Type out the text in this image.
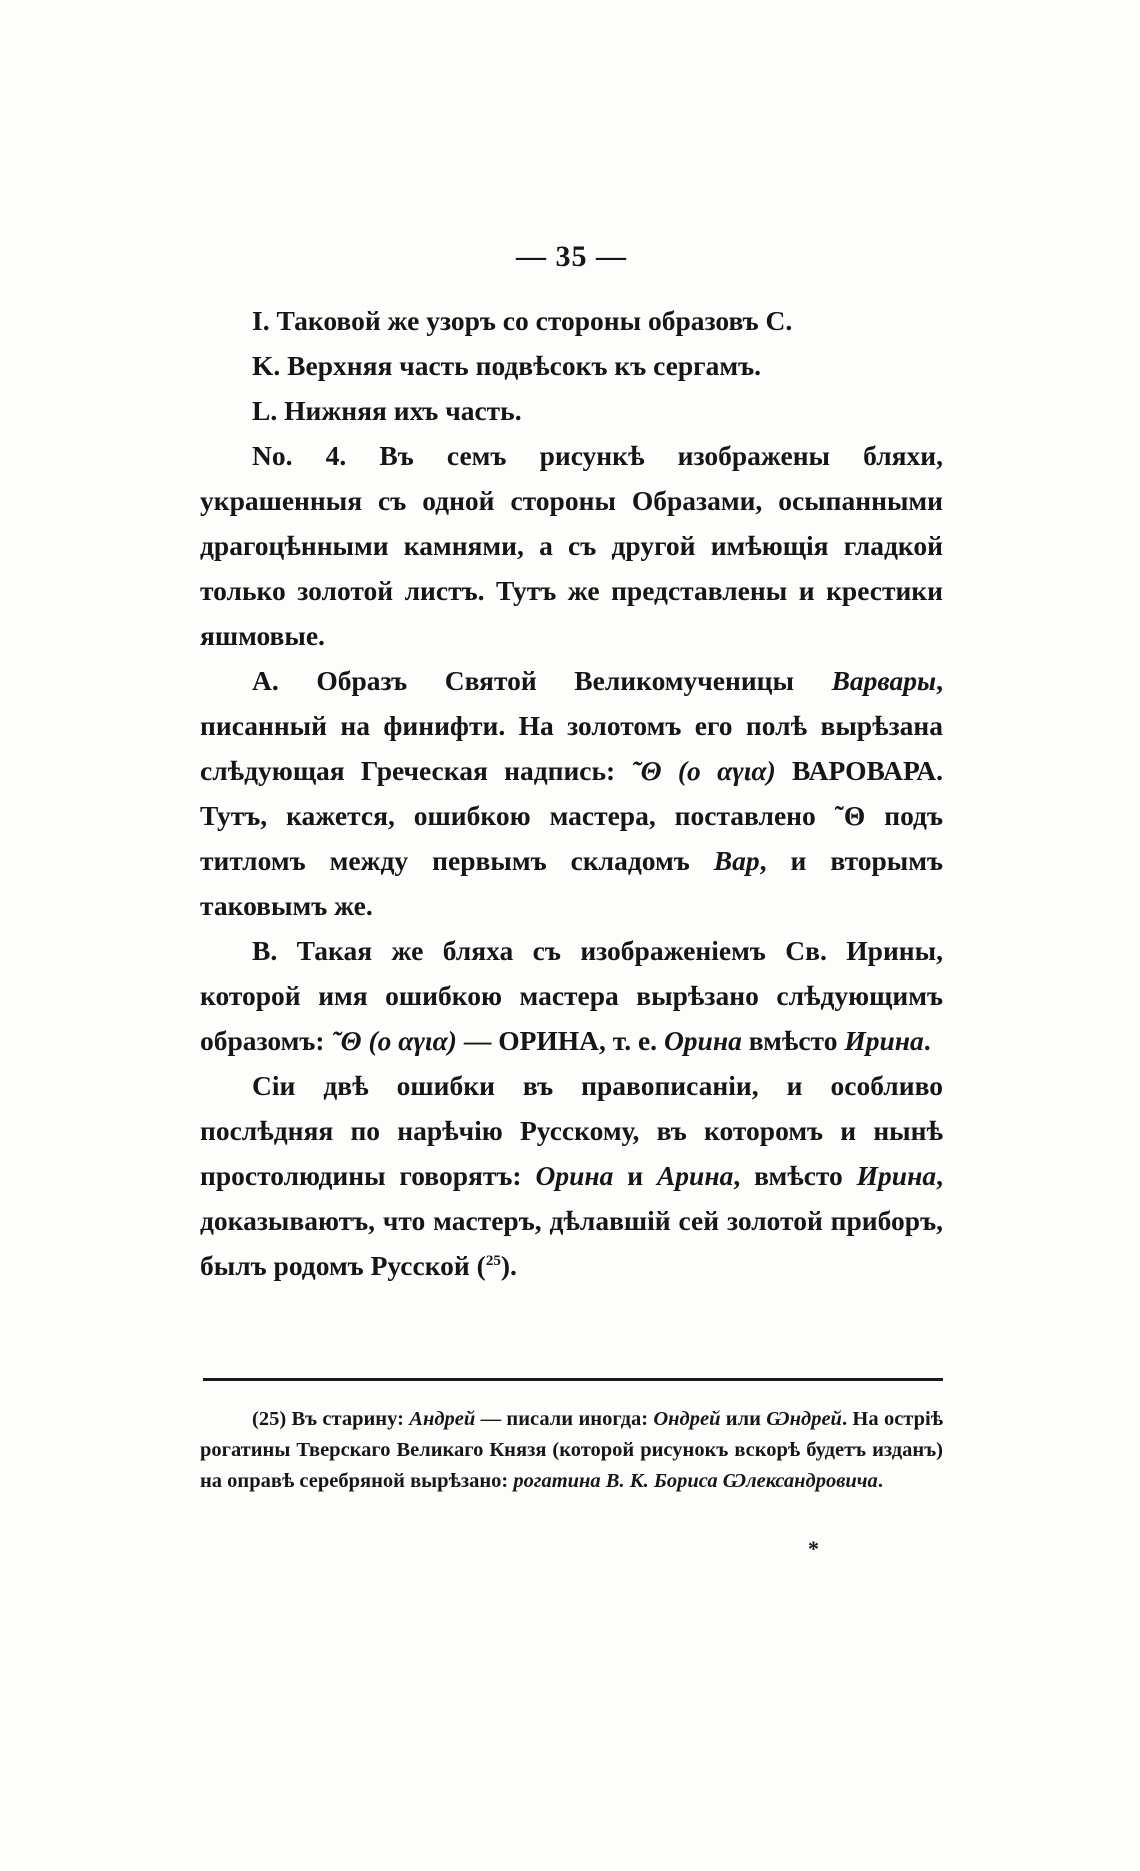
— 35 —

I. Таковой же узоръ со стороны образовъ С.

K. Верхняя часть подвѣсокъ къ сергамъ.

L. Нижняя ихъ часть.

No. 4. Въ семъ рисункѣ изображены бляхи, украшенныя съ одной стороны Образами, осыпанными драгоцѣнными камнями, а съ другой имѣющія гладкой только золотой листъ. Тутъ же представлены и крестики яшмовые.

A. Образъ Святой Великомученицы Варвары, писанный на финифти. На золотомъ его полѣ вырѣзана слѣдующая Греческая надпись: ˜Θ (ο αγια) ВАРОВАРА. Тутъ, кажется, ошибкою мастера, поставлено ˜Θ подъ титломъ между первымъ складомъ Вар, и вторымъ таковымъ же.

B. Такая же бляха съ изображеніемъ Св. Ирины, которой имя ошибкою мастера вырѣзано слѣдующимъ образомъ: ˜Θ (ο αγια) — ОРИНА, т. е. Орина вмѣсто Ирина.

Сіи двѣ ошибки въ правописаніи, и особливо послѣдняя по нарѣчію Русскому, въ которомъ и нынѣ простолюдины говорятъ: Орина и Арина, вмѣсто Ирина, доказываютъ, что мастеръ, дѣлавшій сей золотой приборъ, былъ родомъ Русской ($^{25}$).

(25) Въ старину: Андрей — писали иногда: Ондрей или Ѡндрей. На острiѣ рогатины Тверскаго Великаго Князя (которой рисунокъ вскорѣ будетъ изданъ) на оправѣ серебряной вырѣзано: рогатина В. К. Бориса Ѡлександровича.

*
